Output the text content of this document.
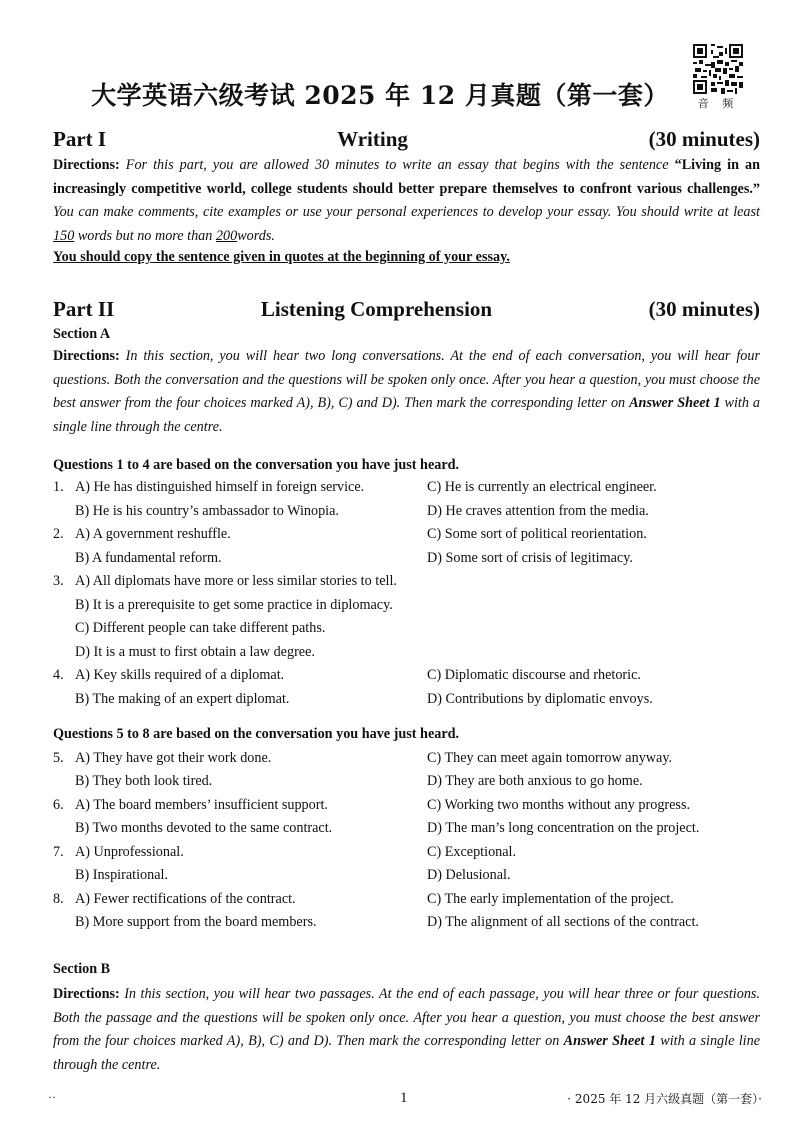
大学英语六级考试 2025 年 12 月真题（第一套）	音 频
Part I	Writing	(30 minutes)
Directions: For this part, you are allowed 30 minutes to write an essay that begins with the sentence “Living in an increasingly competitive world, college students should better prepare themselves to confront various challenges.” You can make comments, cite examples or use your personal experiences to develop your essay. You should write at least 150 words but no more than 200words.
You should copy the sentence given in quotes at the beginning of your essay.
Part II	Listening Comprehension	(30 minutes)
Section A
Directions: In this section, you will hear two long conversations. At the end of each conversation, you will hear four questions. Both the conversation and the questions will be spoken only once. After you hear a question, you must choose the best answer from the four choices marked A), B), C) and D). Then mark the corresponding letter on Answer Sheet 1 with a single line through the centre.
Questions 1 to 4 are based on the conversation you have just heard.
1. A) He has distinguished himself in foreign service.	C) He is currently an electrical engineer.
B) He is his country’s ambassador to Winopia.	D) He craves attention from the media.
2. A) A government reshuffle.	C) Some sort of political reorientation.
B) A fundamental reform.	D) Some sort of crisis of legitimacy.
3. A) All diplomats have more or less similar stories to tell.
B) It is a prerequisite to get some practice in diplomacy.
C) Different people can take different paths.
D) It is a must to first obtain a law degree.
4. A) Key skills required of a diplomat.	C) Diplomatic discourse and rhetoric.
B) The making of an expert diplomat.	D) Contributions by diplomatic envoys.
Questions 5 to 8 are based on the conversation you have just heard.
5. A) They have got their work done.	C) They can meet again tomorrow anyway.
B) They both look tired.	D) They are both anxious to go home.
6. A) The board members’ insufficient support.	C) Working two months without any progress.
B) Two months devoted to the same contract.	D) The man’s long concentration on the project.
7. A) Unprofessional.	C) Exceptional.
B) Inspirational.	D) Delusional.
8. A) Fewer rectifications of the contract.	C) The early implementation of the project.
B) More support from the board members.	D) The alignment of all sections of the contract.
Section B
Directions: In this section, you will hear two passages. At the end of each passage, you will hear three or four questions. Both the passage and the questions will be spoken only once. After you hear a question, you must choose the best answer from the four choices marked A), B), C) and D). Then mark the corresponding letter on Answer Sheet 1 with a single line through the centre.
··	1	· 2025 年 12 月六级真题（第一套）·
